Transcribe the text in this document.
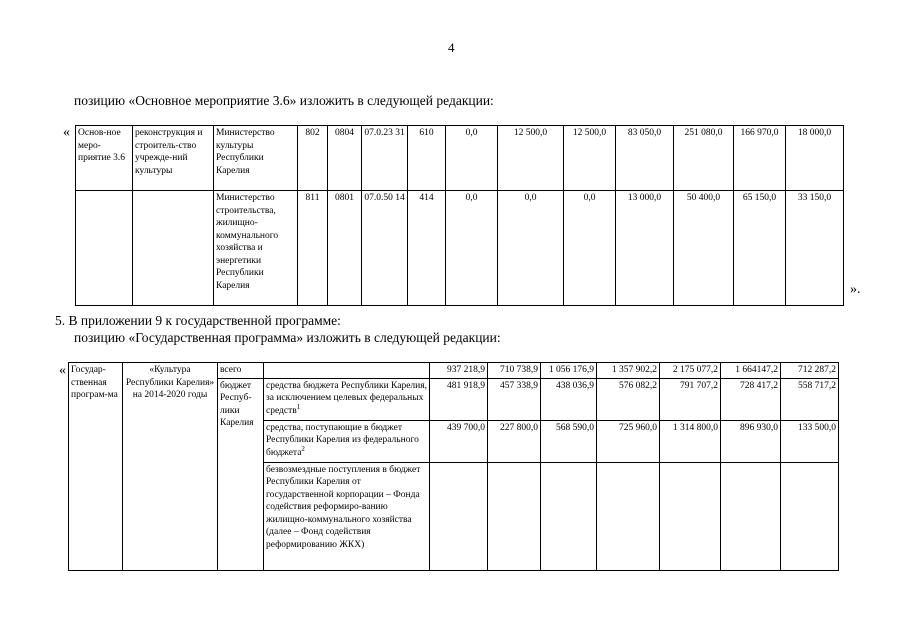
4
позицию «Основное мероприятие 3.6» изложить в следующей редакции:
« Основ-ное меро-приятие 3.6	реконструкция и строитель-ство учрежде-ний культуры	Министерство культуры Республики Карелия	802	0804	07.0.23 31	610	0,0	12 500,0	12 500,0	83 050,0	251 080,0	166 970,0	18 000,0
		Министерство строительства, жилищно-коммунального хозяйства и энергетики Республики Карелия	811	0801	07.0.50 14	414	0,0	0,0	0,0	13 000,0	50 400,0	65 150,0	33 150,0
».
5. В приложении 9 к государственной программе:
позицию «Государственная программа» изложить в следующей редакции:
« Государ-ственная програм-ма	«Культура Республики Карелия» на 2014-2020 годы	всего		937 218,9	710 738,9	1 056 176,9	1 357 902,2	2 175 077,2	1 664147,2	712 287,2
		бюджет Респуб-лики Карелия	средства бюджета Республики Карелия, за исключением целевых федеральных средств$^1$	481 918,9	457 338,9	438 036,9	576 082,2	791 707,2	728 417,2	558 717,2
			средства, поступающие в бюджет Республики Карелия из федерального бюджета$^2$	439 700,0	227 800,0	568 590,0	725 960,0	1 314 800,0	896 930,0	133 500,0
			безвозмездные поступления в бюджет Республики Карелия от государственной корпорации – Фонда содействия реформиро-ванию жилищно-коммунального хозяйства (далее – Фонд содействия реформированию ЖКХ)							
